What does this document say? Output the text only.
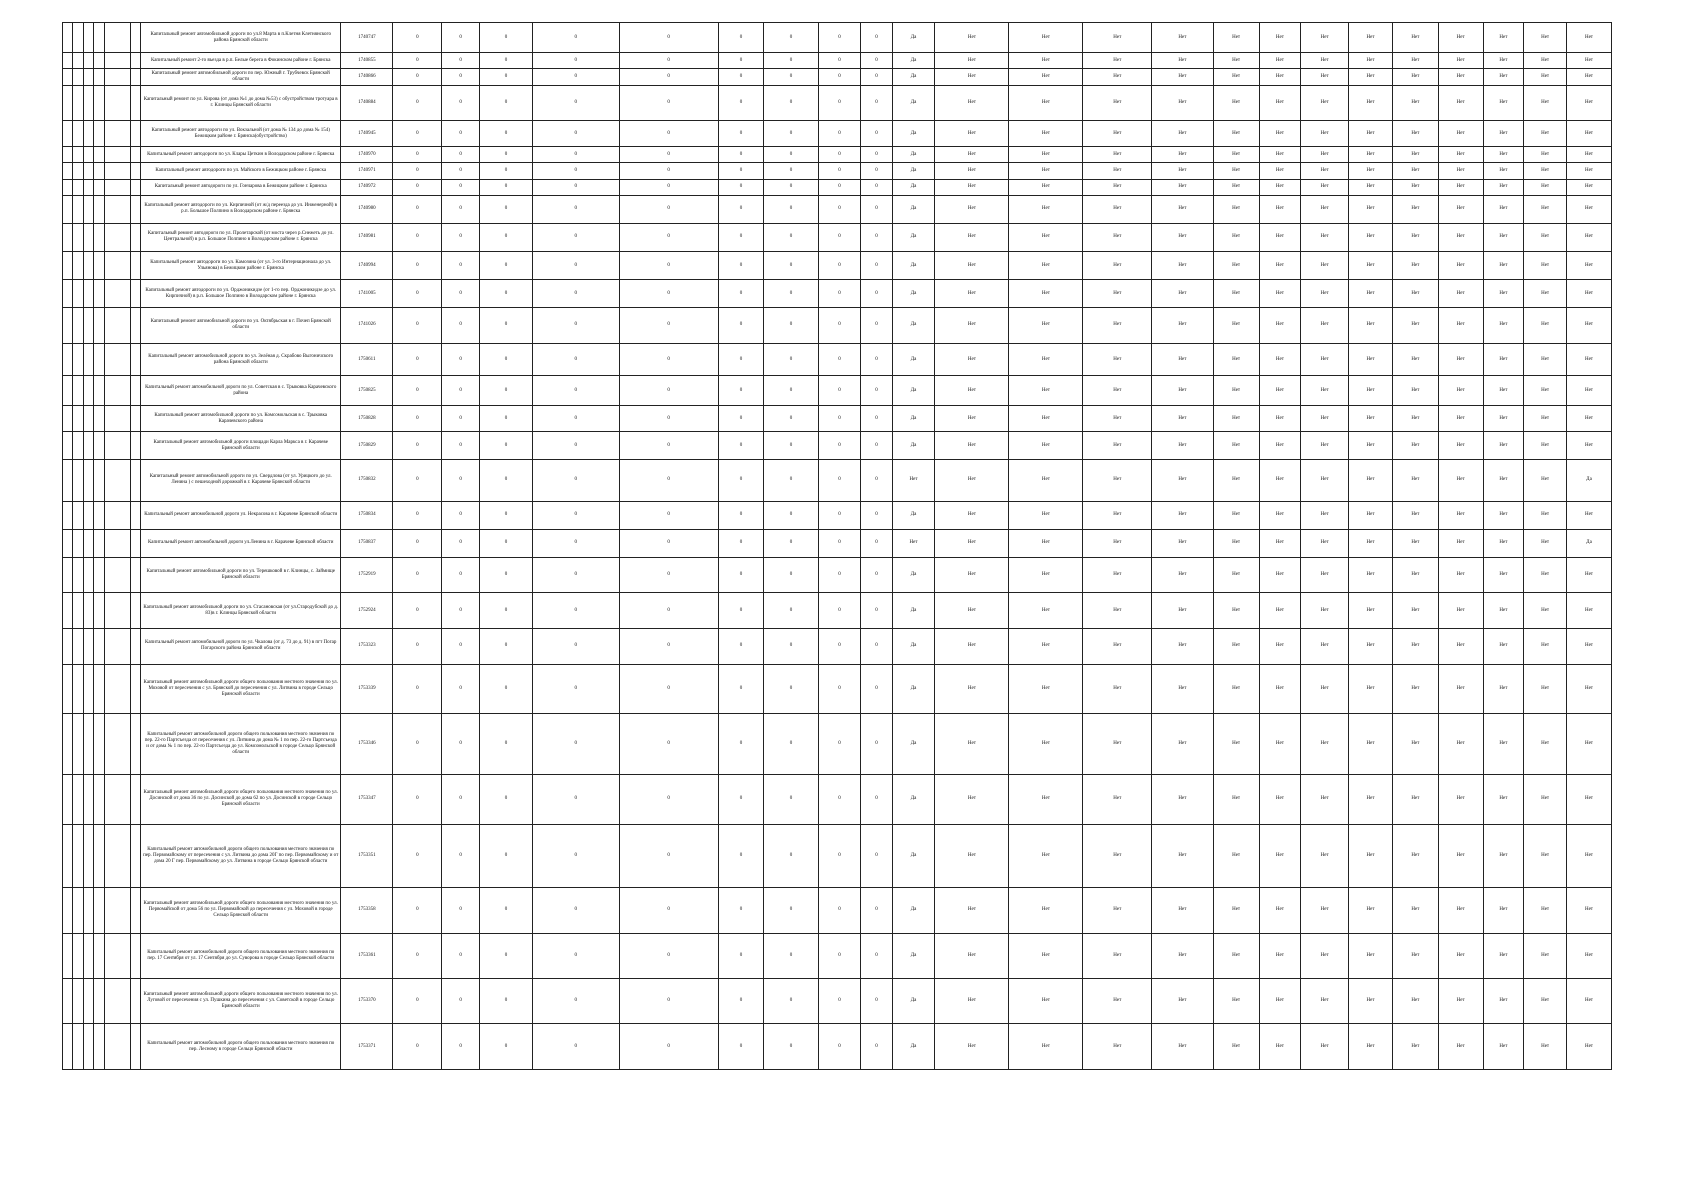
						Капитальный ремонт автомобильной дороги по ул.8 Марта в п.Клетня Клетнянского района Брянской области	1740747	0	0	0	0	0	0	0	0	0	Да	Нет	Нет	Нет	Нет	Нет	Нет	Нет	Нет	Нет	Нет	Нет	Нет	Нет
						Капитальный ремонт 2-го въезда в р.п. Белые берега в Фокинском районе г. Брянска	1740855	0	0	0	0	0	0	0	0	0	Да	Нет	Нет	Нет	Нет	Нет	Нет	Нет	Нет	Нет	Нет	Нет	Нет	Нет
						Капитальный ремонт автомобильной дороги по пер. Южный г. Трубчевск Брянской области	1740866	0	0	0	0	0	0	0	0	0	Да	Нет	Нет	Нет	Нет	Нет	Нет	Нет	Нет	Нет	Нет	Нет	Нет	Нет
						Капитальный ремонт по ул. Кирова (от дома №1 до дома №53) с обустройством тротуара в г. Клинцы Брянской области	1740884	0	0	0	0	0	0	0	0	0	Да	Нет	Нет	Нет	Нет	Нет	Нет	Нет	Нет	Нет	Нет	Нет	Нет	Нет
						Капитальный ремонт автодороги по ул. Вокзальной (от дома № 134 до дома № 154) Бежицком районе г. Брянска(обустройство)	1740945	0	0	0	0	0	0	0	0	0	Да	Нет	Нет	Нет	Нет	Нет	Нет	Нет	Нет	Нет	Нет	Нет	Нет	Нет
						Капитальный ремонт автодороги по ул. Клары Цеткин в Володарском районе г. Брянска	1740970	0	0	0	0	0	0	0	0	0	Да	Нет	Нет	Нет	Нет	Нет	Нет	Нет	Нет	Нет	Нет	Нет	Нет	Нет
						Капитальный ремонт автодороги по ул. Майского в Бежицком районе г. Брянска	1740971	0	0	0	0	0	0	0	0	0	Да	Нет	Нет	Нет	Нет	Нет	Нет	Нет	Нет	Нет	Нет	Нет	Нет	Нет
						Капитальный ремонт автодороги по ул. Гончарова в Бежицком районе г. Брянска	1740972	0	0	0	0	0	0	0	0	0	Да	Нет	Нет	Нет	Нет	Нет	Нет	Нет	Нет	Нет	Нет	Нет	Нет	Нет
						Капитальный ремонт автодороги по ул. Кирпичной (от ж/д переезда до ул. Инженерной) в р.п. Большое Полпино в Володарском районе г. Брянска	1740980	0	0	0	0	0	0	0	0	0	Да	Нет	Нет	Нет	Нет	Нет	Нет	Нет	Нет	Нет	Нет	Нет	Нет	Нет
						Капитальный ремонт автодороги по ул. Пролетарской (от моста через р.Снежеть до ул. Центральной) в р.п. Большое Полпино в Володарском районе г. Брянска	1740981	0	0	0	0	0	0	0	0	0	Да	Нет	Нет	Нет	Нет	Нет	Нет	Нет	Нет	Нет	Нет	Нет	Нет	Нет
						Капитальный ремонт автодороги по ул. Камозина (от ул. 3-го Интернационала до ул. Ульянова) в Бежицком районе г. Брянска	1740994	0	0	0	0	0	0	0	0	0	Да	Нет	Нет	Нет	Нет	Нет	Нет	Нет	Нет	Нет	Нет	Нет	Нет	Нет
						Капитальный ремонт автодороги по ул. Орджоникидзе (от 1-го пер. Орджоникидзе до ул. Кирпичной) в р.п. Большое Полпино в Володарском районе г. Брянска	1741005	0	0	0	0	0	0	0	0	0	Да	Нет	Нет	Нет	Нет	Нет	Нет	Нет	Нет	Нет	Нет	Нет	Нет	Нет
						Капитальный ремонт автомобильной дороги по ул. Октябрьская в г. Почеп Брянской области	1741026	0	0	0	0	0	0	0	0	0	Да	Нет	Нет	Нет	Нет	Нет	Нет	Нет	Нет	Нет	Нет	Нет	Нет	Нет
						Капитальный ремонт автомобильной дороги по ул. Зелёная д. Скрабово Выгоничского района Брянской области	1750611	0	0	0	0	0	0	0	0	0	Да	Нет	Нет	Нет	Нет	Нет	Нет	Нет	Нет	Нет	Нет	Нет	Нет	Нет
						Капитальный ремонт автомобильной дороги по ул. Советская в с. Трыковка Карачевского района	1750825	0	0	0	0	0	0	0	0	0	Да	Нет	Нет	Нет	Нет	Нет	Нет	Нет	Нет	Нет	Нет	Нет	Нет	Нет
						Капитальный ремонт автомобильной дороги по ул. Комсомольская в с. Трыковка Карачевского района	1750828	0	0	0	0	0	0	0	0	0	Да	Нет	Нет	Нет	Нет	Нет	Нет	Нет	Нет	Нет	Нет	Нет	Нет	Нет
						Капитальный ремонт автомобильной дороги площади Карла Маркса в г. Карачеве Брянской области	1750829	0	0	0	0	0	0	0	0	0	Да	Нет	Нет	Нет	Нет	Нет	Нет	Нет	Нет	Нет	Нет	Нет	Нет	Нет
						Капитальный ремонт автомобильной дороги по ул. Свердлова (от ул. Урицкого до ул. Ленина ) с пешеходной дорожкой в г. Карачеве Брянской области	1750832	0	0	0	0	0	0	0	0	0	Нет	Нет	Нет	Нет	Нет	Нет	Нет	Нет	Нет	Нет	Нет	Нет	Нет	Да
						Капитальный ремонт автомобильной дороги ул. Некрасова в г. Карачеве Брянской области	1750834	0	0	0	0	0	0	0	0	0	Да	Нет	Нет	Нет	Нет	Нет	Нет	Нет	Нет	Нет	Нет	Нет	Нет	Нет
						Капитальный ремонт автомобильной дороги ул.Ленина в г. Карачеве Брянской области	1750837	0	0	0	0	0	0	0	0	0	Нет	Нет	Нет	Нет	Нет	Нет	Нет	Нет	Нет	Нет	Нет	Нет	Нет	Да
						Капитальный ремонт автомобильной дороги по ул. Терешковой в г. Клинцы, с. Займище Брянской области	1752919	0	0	0	0	0	0	0	0	0	Да	Нет	Нет	Нет	Нет	Нет	Нет	Нет	Нет	Нет	Нет	Нет	Нет	Нет
						Капитальный ремонт автомобильной дороги по ул. Стасановская (от ул.Стародубской до д. 83)в г. Клинцы Брянской области	1752924	0	0	0	0	0	0	0	0	0	Да	Нет	Нет	Нет	Нет	Нет	Нет	Нет	Нет	Нет	Нет	Нет	Нет	Нет
						Капитальный ремонт автомобильной дороги по ул. Чкалова (от д. 73 до д. 91) в пгт Погар Погарского района Брянской области	1753323	0	0	0	0	0	0	0	0	0	Да	Нет	Нет	Нет	Нет	Нет	Нет	Нет	Нет	Нет	Нет	Нет	Нет	Нет
						Капитальный ремонт автомобильной дороги общего пользования местного значения по ул. Моховой от пересечения с ул. Брянской до пересечения с ул. Литвина в городе Сельцо Брянской области	1753339	0	0	0	0	0	0	0	0	0	Да	Нет	Нет	Нет	Нет	Нет	Нет	Нет	Нет	Нет	Нет	Нет	Нет	Нет
						Капитальный ремонт автомобильной дороги общего пользования местного значения по пер. 22-го Партсъезда от пересечения с ул. Литвина до дома № 1 по пер. 22-го Партсъезда и от дома № 1 по пер. 22-го Партсъезда до ул. Комсомольской в городе Сельцо Брянской области	1753346	0	0	0	0	0	0	0	0	0	Да	Нет	Нет	Нет	Нет	Нет	Нет	Нет	Нет	Нет	Нет	Нет	Нет	Нет
						Капитальный ремонт автомобильной дороги общего пользования местного значения по ул. Досинской от дома 36 по ул. Досинской до дома 62 по ул. Досинской в городе Сельцо Брянской области	1753347	0	0	0	0	0	0	0	0	0	Да	Нет	Нет	Нет	Нет	Нет	Нет	Нет	Нет	Нет	Нет	Нет	Нет	Нет
						Капитальный ремонт автомобильной дороги общего пользования местного значения по пер. Первомайскому от пересечения с ул. Литвина до дома 20Г по пер. Первомайскому и от дома 20 Г пер. Первомайскому до ул. Литвина в городе Сельцо Брянской области	1753351	0	0	0	0	0	0	0	0	0	Да	Нет	Нет	Нет	Нет	Нет	Нет	Нет	Нет	Нет	Нет	Нет	Нет	Нет
						Капитальный ремонт автомобильной дороги общего пользования местного значения по ул. Первомайской от дома 56 по ул. Первомайской до пересечения с ул. Моховой в городе Сельцо Брянской области	1753358	0	0	0	0	0	0	0	0	0	Да	Нет	Нет	Нет	Нет	Нет	Нет	Нет	Нет	Нет	Нет	Нет	Нет	Нет
						Капитальный ремонт автомобильной дороги общего пользования местного значения по пер. 17 Сентября от ул. 17 Сентября до ул. Суворова в городе Сельцо Брянской области	1753361	0	0	0	0	0	0	0	0	0	Да	Нет	Нет	Нет	Нет	Нет	Нет	Нет	Нет	Нет	Нет	Нет	Нет	Нет
						Капитальный ремонт автомобильной дороги общего пользования местного значения по ул. Луговой от пересечения с ул. Пушкина до пересечения с ул. Советской в городе Сельцо Брянской области	1753370	0	0	0	0	0	0	0	0	0	Да	Нет	Нет	Нет	Нет	Нет	Нет	Нет	Нет	Нет	Нет	Нет	Нет	Нет
						Капитальный ремонт автомобильной дороги общего пользования местного значения по пер. Лесному в городе Сельцо Брянской области	1753371	0	0	0	0	0	0	0	0	0	Да	Нет	Нет	Нет	Нет	Нет	Нет	Нет	Нет	Нет	Нет	Нет	Нет	Нет
